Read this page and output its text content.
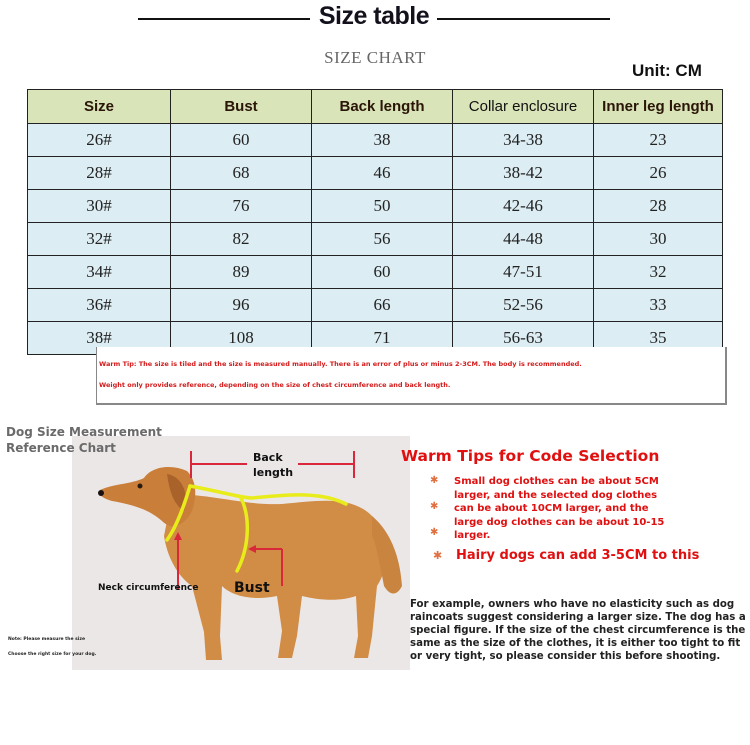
Size table
SIZE CHART
Unit: CM
Size	Bust	Back length	Collar enclosure	Inner leg length
26#	60	38	34-38	23
28#	68	46	38-42	26
30#	76	50	42-46	28
32#	82	56	44-48	30
34#	89	60	47-51	32
36#	96	66	52-56	33
38#	108	71	56-63	35
Warm Tip: The size is tiled and the size is measured manually. There is an error of plus or minus 2-3CM. The body is recommended.
Weight only provides reference, depending on the size of chest circumference and back length.
Dog Size Measurement Reference Chart
Back length
Neck circumference	Bust
Note: Please measure the size
Choose the right size for your dog.
Warm Tips for Code Selection
✱
✱
✱
Small dog clothes can be about 5CM larger, and the selected dog clothes can be about 10CM larger, and the large dog clothes can be about 10-15 larger.
✱ Hairy dogs can add 3-5CM to this
For example, owners who have no elasticity such as dog raincoats suggest considering a larger size. The dog has a special figure. If the size of the chest circumference is the same as the size of the clothes, it is either too tight to fit or very tight, so please consider this before shooting.
